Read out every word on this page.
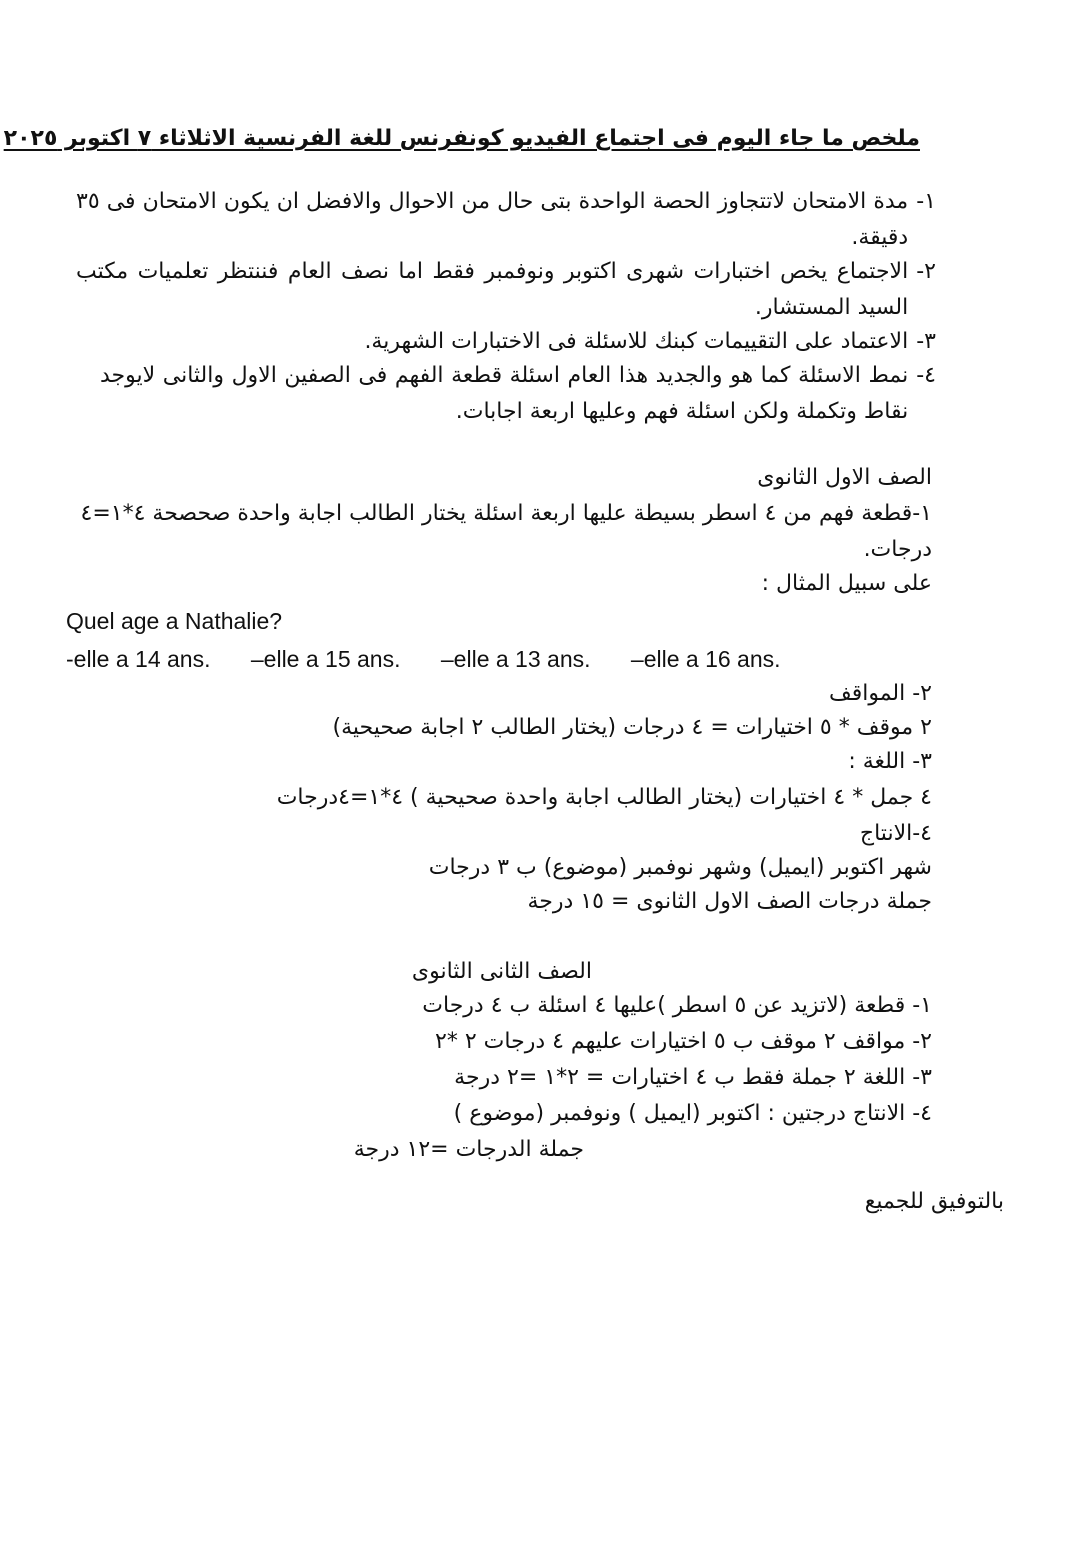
ملخص ما جاء اليوم فى اجتماع الفيديو كونفرنس للغة الفرنسية الاثلاثاء ٧ اكتوبر ٢٠٢٥

١-
مدة الامتحان لاتتجاوز الحصة الواحدة بتى حال من الاحوال والافضل ان يكون الامتحان فى ٣٥ دقيقة.
٢-
الاجتماع يخص اختبارات شهرى اكتوبر ونوفمبر فقط اما نصف العام فننتظر تعلميات مكتب السيد المستشار.
٣-
الاعتماد على التقييمات كبنك للاسئلة فى الاختبارات الشهرية.
٤-
نمط الاسئلة كما هو والجديد هذا العام اسئلة قطعة الفهم فى الصفين الاول والثانى لايوجد نقاط وتكملة ولكن اسئلة فهم وعليها اربعة اجابات.

الصف الاول الثانوى

١-قطعة فهم من ٤ اسطر بسيطة عليها اربعة اسئلة يختار الطالب اجابة واحدة صحصحة ٤*١=٤

درجات.

على سبيل المثال :

Quel age a Nathalie?

-elle a 14 ans. –elle a 15 ans. –elle a 13 ans. –elle a 16 ans.

٢- المواقف

٢ موقف * ٥ اختيارات = ٤ درجات (يختار الطالب ٢ اجابة صحيحية)

٣- اللغة :

٤ جمل * ٤ اختيارات (يختار الطالب اجابة واحدة صحيحية ) ٤*١=٤درجات

٤-الانتاج

شهر اكتوبر (ايميل) وشهر نوفمبر (موضوع) ب ٣ درجات

جملة درجات الصف الاول الثانوى = ١٥ درجة

الصف الثانى الثانوى

١- قطعة (لاتزيد عن ٥ اسطر )عليها ٤ اسئلة ب ٤ درجات

٢- مواقف ٢ موقف ب ٥ اختيارات عليهم ٤ درجات ٢ *٢

٣- اللغة ٢ جملة فقط ب ٤ اختيارات = ٢*١ =٢ درجة

٤- الانتاج درجتين : اكتوبر (ايميل ) ونوفمبر (موضوع )

جملة الدرجات =١٢ درجة

بالتوفيق للجميع
